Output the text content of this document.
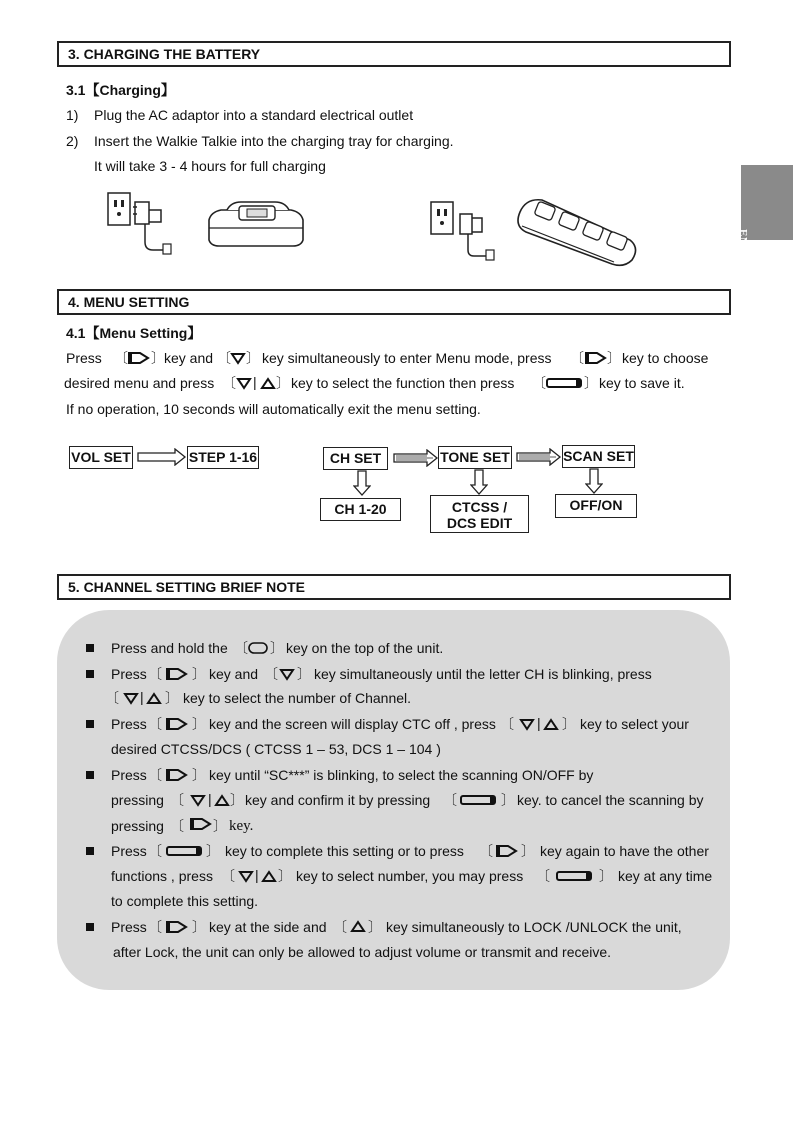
ENGLISH
3. CHARGING THE BATTERY
3.1【Charging】
1) Plug the AC adaptor into a standard electrical outlet
2) Insert the Walkie Talkie into the charging tray for charging.
It will take 3 - 4 hours for full charging
4. MENU SETTING
4.1【Menu Setting】
Press 〔 〕 key and 〔 〕 key simultaneously to enter Menu mode, press 〔 〕 key to choose
desired menu and press 〔 | 〕 key to select the function then press 〔	〕 key to save it.
If no operation, 10 seconds will automatically exit the menu setting.
VOL SET	STEP 1-16	CH SET	TONE SET	SCAN SET
CH 1-20	CTCSS /
DCS EDIT
OFF/ON
5. CHANNEL SETTING BRIEF NOTE
Press and hold the 〔 〕 key on the top of the unit.
Press 〔 〕 key and 〔 〕 key simultaneously until the letter CH is blinking, press
〔 | 〕 key to select the number of Channel.
Press 〔 〕 key and the screen will display CTC off , press 〔 | 〕 key to select your
desired CTCSS/DCS ( CTCSS 1 – 53, DCS 1 – 104 )
Press 〔 〕 key until “SC***” is blinking, to select the scanning ON/OFF by
pressing 〔 | 〕 key and confirm it by pressing 〔	〕 key. to cancel the scanning by
pressing 〔 〕 key.
Press 〔	〕 key to complete this setting or to press 〔 〕 key again to have the other
functions , press 〔 | 〕 key to select number, you may press 〔	〕 key at any time
to complete this setting.
Press 〔 〕 key at the side and 〔 〕 key simultaneously to LOCK /UNLOCK the unit,
after Lock, the unit can only be allowed to adjust volume or transmit and receive.
